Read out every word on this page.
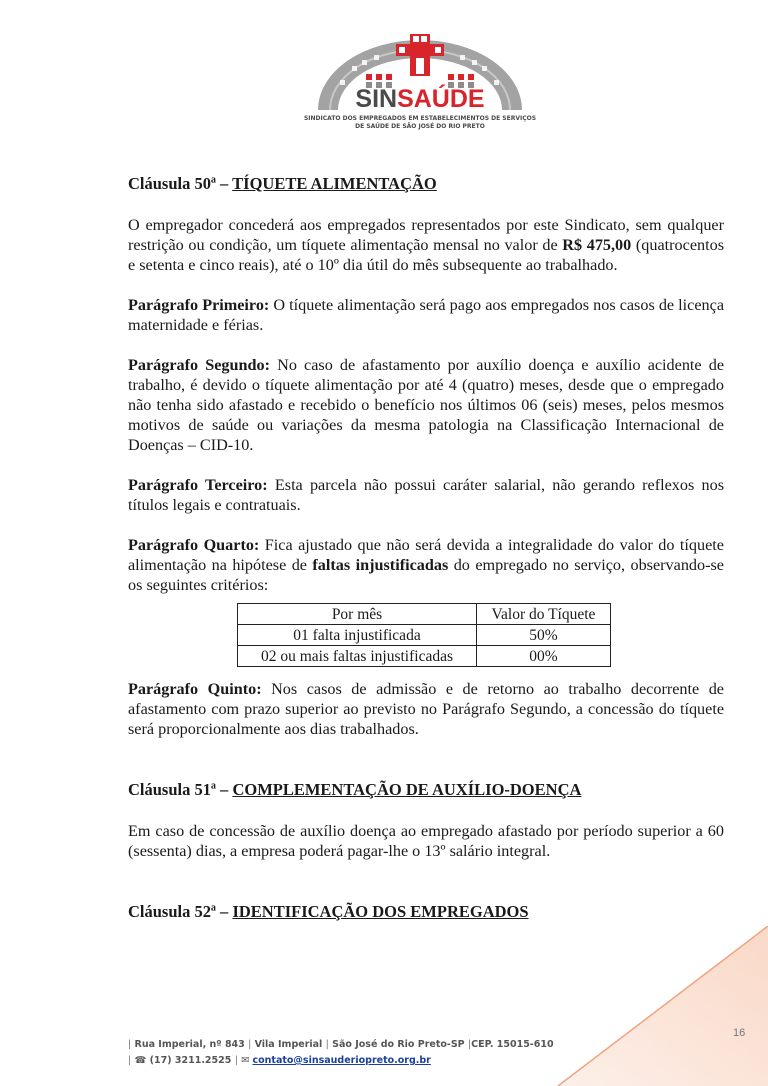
SINSAÚDE
SINDICATO DOS EMPREGADOS EM ESTABELECIMENTOS DE SERVIÇOS
DE SAÚDE DE SÃO JOSÉ DO RIO PRETO
Cláusula 50ª – TÍQUETE ALIMENTAÇÃO

O empregador concederá aos empregados representados por este Sindicato, sem qualquer restrição ou condição, um tíquete alimentação mensal no valor de R$ 475,00 (quatrocentos e setenta e cinco reais), até o 10º dia útil do mês subsequente ao trabalhado.

Parágrafo Primeiro: O tíquete alimentação será pago aos empregados nos casos de licença maternidade e férias.

Parágrafo Segundo: No caso de afastamento por auxílio doença e auxílio acidente de trabalho, é devido o tíquete alimentação por até 4 (quatro) meses, desde que o empregado não tenha sido afastado e recebido o benefício nos últimos 06 (seis) meses, pelos mesmos motivos de saúde ou variações da mesma patologia na Classificação Internacional de Doenças – CID-10.

Parágrafo Terceiro: Esta parcela não possui caráter salarial, não gerando reflexos nos títulos legais e contratuais.

Parágrafo Quarto: Fica ajustado que não será devida a integralidade do valor do tíquete alimentação na hipótese de faltas injustificadas do empregado no serviço, observando-se os seguintes critérios:

Por mês	Valor do Tíquete
01 falta injustificada	50%
02 ou mais faltas injustificadas	00%

Parágrafo Quinto: Nos casos de admissão e de retorno ao trabalho decorrente de afastamento com prazo superior ao previsto no Parágrafo Segundo, a concessão do tíquete será proporcionalmente aos dias trabalhados.

Cláusula 51ª – COMPLEMENTAÇÃO DE AUXÍLIO-DOENÇA

Em caso de concessão de auxílio doença ao empregado afastado por período superior a 60 (sessenta) dias, a empresa poderá pagar-lhe o 13º salário integral.

Cláusula 52ª – IDENTIFICAÇÃO DOS EMPREGADOS
16
| Rua Imperial, nº 843 | Vila Imperial | São José do Rio Preto-SP |CEP. 15015-610
| ☎ (17) 3211.2525 | ✉ contato@sinsauderiopreto.org.br
